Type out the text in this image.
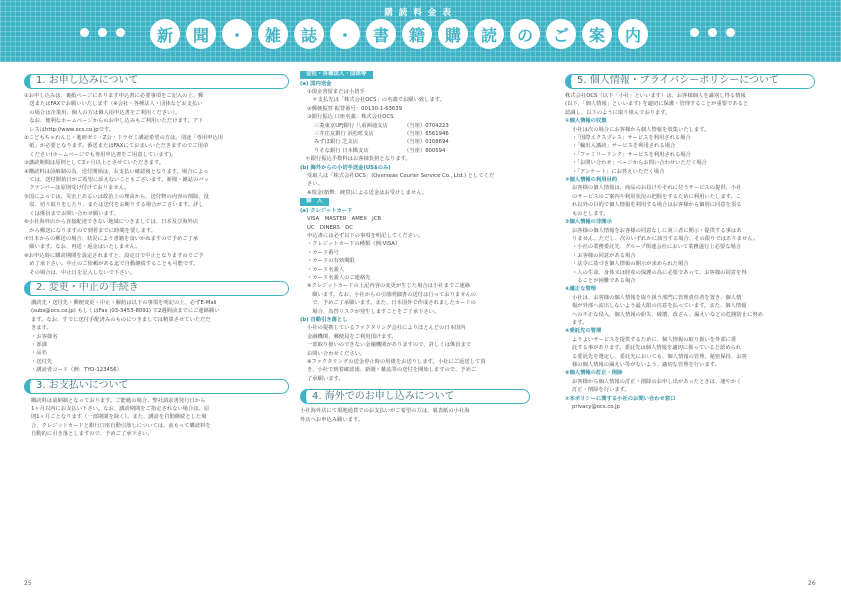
購読料金表
新	聞	・	雑	誌	・	書	籍	購	読	の	ご	案	内
1. お申し込みについて

①お申し込みは、裏紙ページにあります申込書に必要事項をご記入の上、郵

　送またはFAXでお願いいたします（※会社・各種法人・団体などお支払い

　の場合は企業用、個人の方は個人用申込書をご利用ください）。

　なお、便利なホームページからのお申し込みもご利用いただけます。アド

　レスはhttp://www.ocs.co.jpです。

②こどもちゃれんじ・進研ゼミ・Z会・ドラゼミ講読希望の方は、別途「専用申込用

　紙」が必要となります。番送またはFAXにておまいいただきますのでご用命

　ください(ホームページでも専用申込書をご用意しています)。

③講読期間は原則として3ヶ月以上とさせていただきます。

④購読料は前納制の為、送付開始は、お支払い確認後となります。場合によっ

　ては、送付開始日がご希望に添えないこともございます。新聞・雑誌のバッ

　クナンバーは原則受け付けておりません。

⑤国によっては、災害上あるいは政治上の理由から、送付物の内容の削除、没

　収、切り取りをしたり、または送付をお断りする場合がございます。詳し

　くは係員までお問い合わせ願います。

⑥小社海外店から直接配達できない地域につきましては、日本及び海外店

　から郵送になりますので到着までに時間を要します。

⑦日本からの郵送の場合、状況により書籍を食いかねますので予めご了承

　願います。なお、再送・返金はいたしません。

⑧お申込時に購読期間を設定されますと、設定日で中止となりますのでご予

　め了承下さい。中止のご依頼がある迄で自動継続することも可能です。

　その場合は、中止日を記入しないで下さい。

2. 変更・中止の手続き

講読先・送付先・郵便変更・中止・解約は以下の事項を明記の上、必ずE-Mail

(subs@ocs.co.jp) もしくはFax (03-3453-8091) で2週間前までにご連絡願い

ます。なお、すでに送付手配済みのものにつきましては精算させていただだ

きます。

・お客様名

・部課

・品名

・送付先

・講読者コード（例：TYO-123456）

3. お支払いについて

購読料は前納制となっております。ご能範の場合、弊社請求書発行日から

1ヶ月以内にお支払い下さい。なお、講読期間をご指定されない場合は、原

則1ヶ月ごとなります（一部期間を除く）。また、講読を自動継続とした場

合、クレジットカードと銀行口座自動引落しについては、前もって購読料を

自動的に引き落としますので、予めご了承下さい。

会社・各種法人・団体等

(a) 国内送金

①現金書留または小切手

　＊支払先は「株式会社OCS」の名義でお願い致します。

②郵便振替 振替番号：00130-1-63639

③銀行振込 口座名義：株式会社OCS

三菱東京UFJ銀行 八重洲通支店	（当座）0704223
三井住友銀行 浜松町支店	（当座）6561946
みずほ銀行 芝支店	（当座）0108694
りそな銀行 日本橋支店	（当座）800594

　＊銀行振込手数料はお客様負担となります。

(b) 海外からの小切手送金(US$のみ)

受取人は「株式会社OCS」(Overseas Courier Service Co., Ltd.) としてくだ

さい。

※現金(紙幣、硬貨)による送金はお受けしません。

個　人

(a) クレジットカード

VISA　MASTER　AMEX　JCB

UC　DINERS　DC

申込書には必ず以下の事項を明記してください。

・クレジットカードの種類（例:VISA）

・カード番号

・カードの有効期限

・カード名義人

・カード名義人のご連絡先

※クレジットカードの上記内容の変更が生じた場合は小社までご連絡

　願います。なお、小社からの引落明細書の送付は行っておりませんの

　で、予めご了承願います。また、日本国外で作成されましたカードの

　場合、為替リスクが発生しますことをご了承下さい。

(b) 自動引き落とし

小社の提携しているファクタリング会社によりほとんどの日本国内

金融機関、郵便局をご利用頂けます。

一部取り扱いのできない金融機関がありますので、詳しくは係員まで

お問い合わせください。

※ファクタリングの送金停止時の用紙をお送りします。小社にご返送して頂

き、小社で到着確認後、新聞・雑誌等の送付を開始しますので、予めご

了承願います。

4. 海外でのお申し込みについて

小社海外店にて現地通貨でのお支払いがご希望の方は、裏表紙の小社海

外店へお申込み願います。

5. 個人情報・プライバシーポリシーについて

株式会社OCS（以下「小社」といいます）は、お客様個人を識別し得る情報

(以下、「個人情報」といいます) を適切に保護・管理することが重要であると

認識し、以下のように取り組んでおります。

①個人情報の収集

小社は次の場合にお客様から個人情報を収集いたします。

・「国際エクスプレス」サービスを利用される場合

・「輸出入講読」サービスを利用される場合

・「ファミリーリンク」サービスを利用される場合

・「お問い合わせ」ページからお問い合わせいただく場合

・「アンケート」にお答えいただく場合

②個人情報の利用目的

お客様の個人情報は、商品のお届けやそれに付うサービスの提供、小社

のサービスのご案内や利用状況の把握をするために利用いたします。こ

れ以外の目的で個人情報を利用する場合はお客様から個別に同意を頂る

ものとします。

③個人情報の非開示

お客様の個人情報をお客様の同意なしに第三者に開示・提供する事はあ

りません。ただし、次のいずれかに該当する場合、その限りではありません。

・小社の業務委託先、グループ関連会社において業務遂行上必要な場合

・お客様の同意がある場合

・法令に基づき個人情報の開示が求められた場合

・人の生命、身体又は財産の保護の為に必要であって、お客様の同意を得

　ることが困難である場合

④適正な管理

小社は、お客様の個人情報を取り扱う部門に管理責任者を置き、個人情

報が外部へ流出しないよう最大限の注意を払っています。また、個人情報

への不正な侵入、個人情報の紛失、破壊、改ざん、漏えいなどの危険防止に努め

ます。

⑤委託先の管理

よりよいサービスを提供するために、個人情報の取り扱いを外部に委

託する事があります。委託先は個人情報を適切に扱っていると認められ

る委託先を選定し、委託先においても、個人情報の管理、秘密保持、お客

様の個人情報の漏えい等がないよう、適切な管理を行います。

⑥個人情報の訂正・削除

お客様から個人情報の訂正・削除のお申し出があったときは、速やかく

訂正・削除を行います。

⑦本ポリシーに関する小社のお問い合わせ窓口

privacy@ocs.co.jp

25	26
